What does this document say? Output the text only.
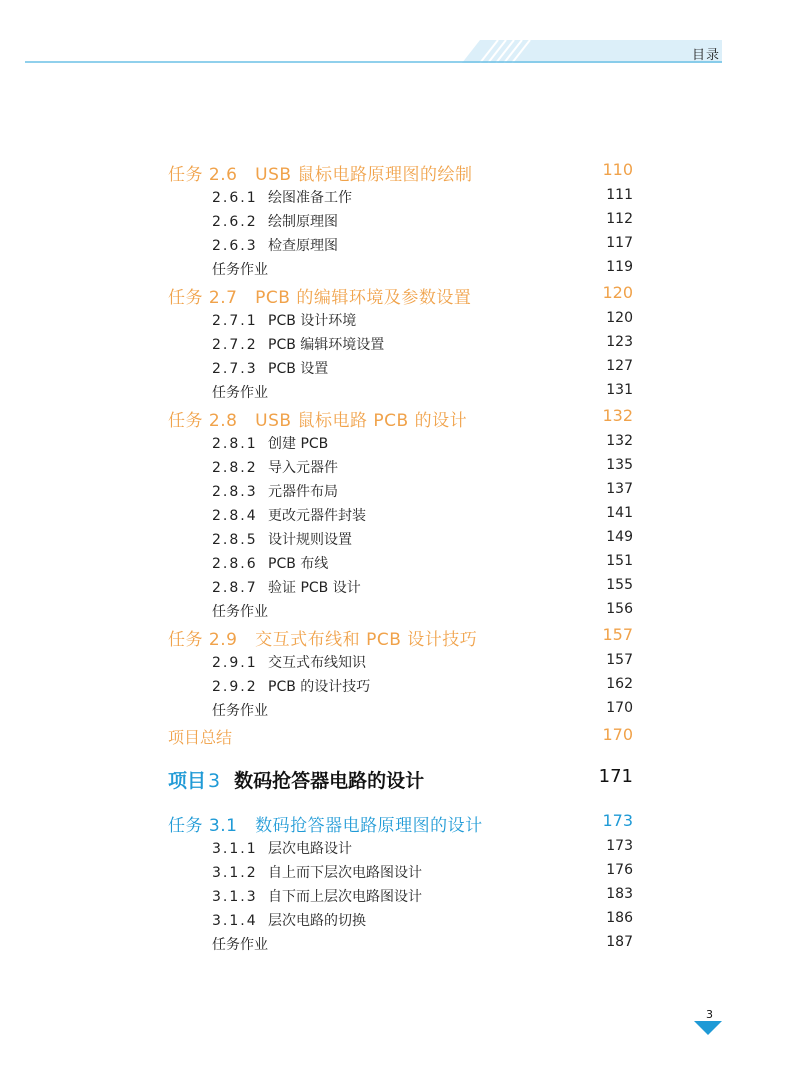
目录
任务 2.6 USB 鼠标电路原理图的绘制	110
2.6.1 绘图准备工作	111
2.6.2 绘制原理图	112
2.6.3 检查原理图	117
任务作业	119
任务 2.7 PCB 的编辑环境及参数设置	120
2.7.1 PCB 设计环境	120
2.7.2 PCB 编辑环境设置	123
2.7.3 PCB 设置	127
任务作业	131
任务 2.8 USB 鼠标电路 PCB 的设计	132
2.8.1 创建 PCB	132
2.8.2 导入元器件	135
2.8.3 元器件布局	137
2.8.4 更改元器件封装	141
2.8.5 设计规则设置	149
2.8.6 PCB 布线	151
2.8.7 验证 PCB 设计	155
任务作业	156
任务 2.9 交互式布线和 PCB 设计技巧	157
2.9.1 交互式布线知识	157
2.9.2 PCB 的设计技巧	162
任务作业	170
项目总结	170
项目 3 数码抢答器电路的设计	171
任务 3.1 数码抢答器电路原理图的设计	173
3.1.1 层次电路设计	173
3.1.2 自上而下层次电路图设计	176
3.1.3 自下而上层次电路图设计	183
3.1.4 层次电路的切换	186
任务作业	187
3
